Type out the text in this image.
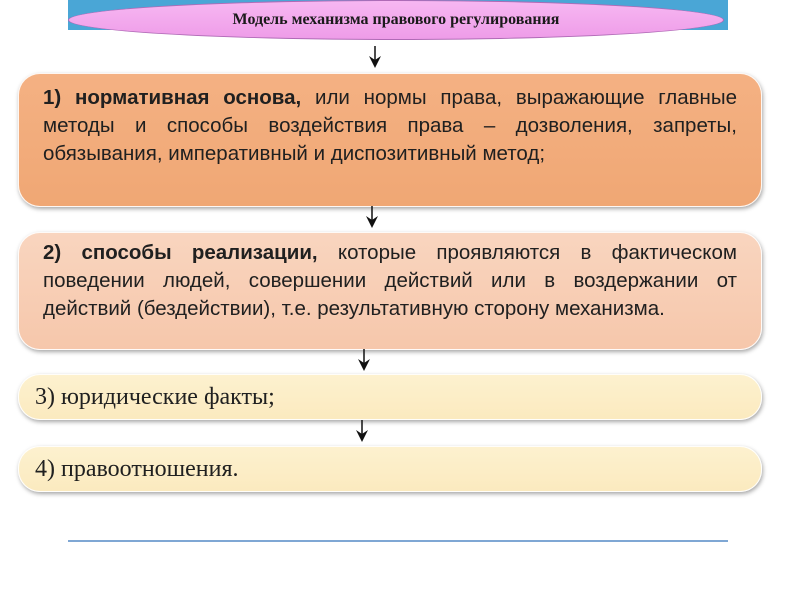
Модель механизма правового регулирования

1) нормативная основа, или нормы права, выражающие главные методы и способы воздействия права – дозволения, запреты, обязывания, императивный и диспозитивный метод;

2) способы реализации, которые проявляются в фактическом поведении людей, совершении действий или в воздержании от действий (бездействии), т.е. результативную сторону механизма.

3) юридические факты;
4) правоотношения.
